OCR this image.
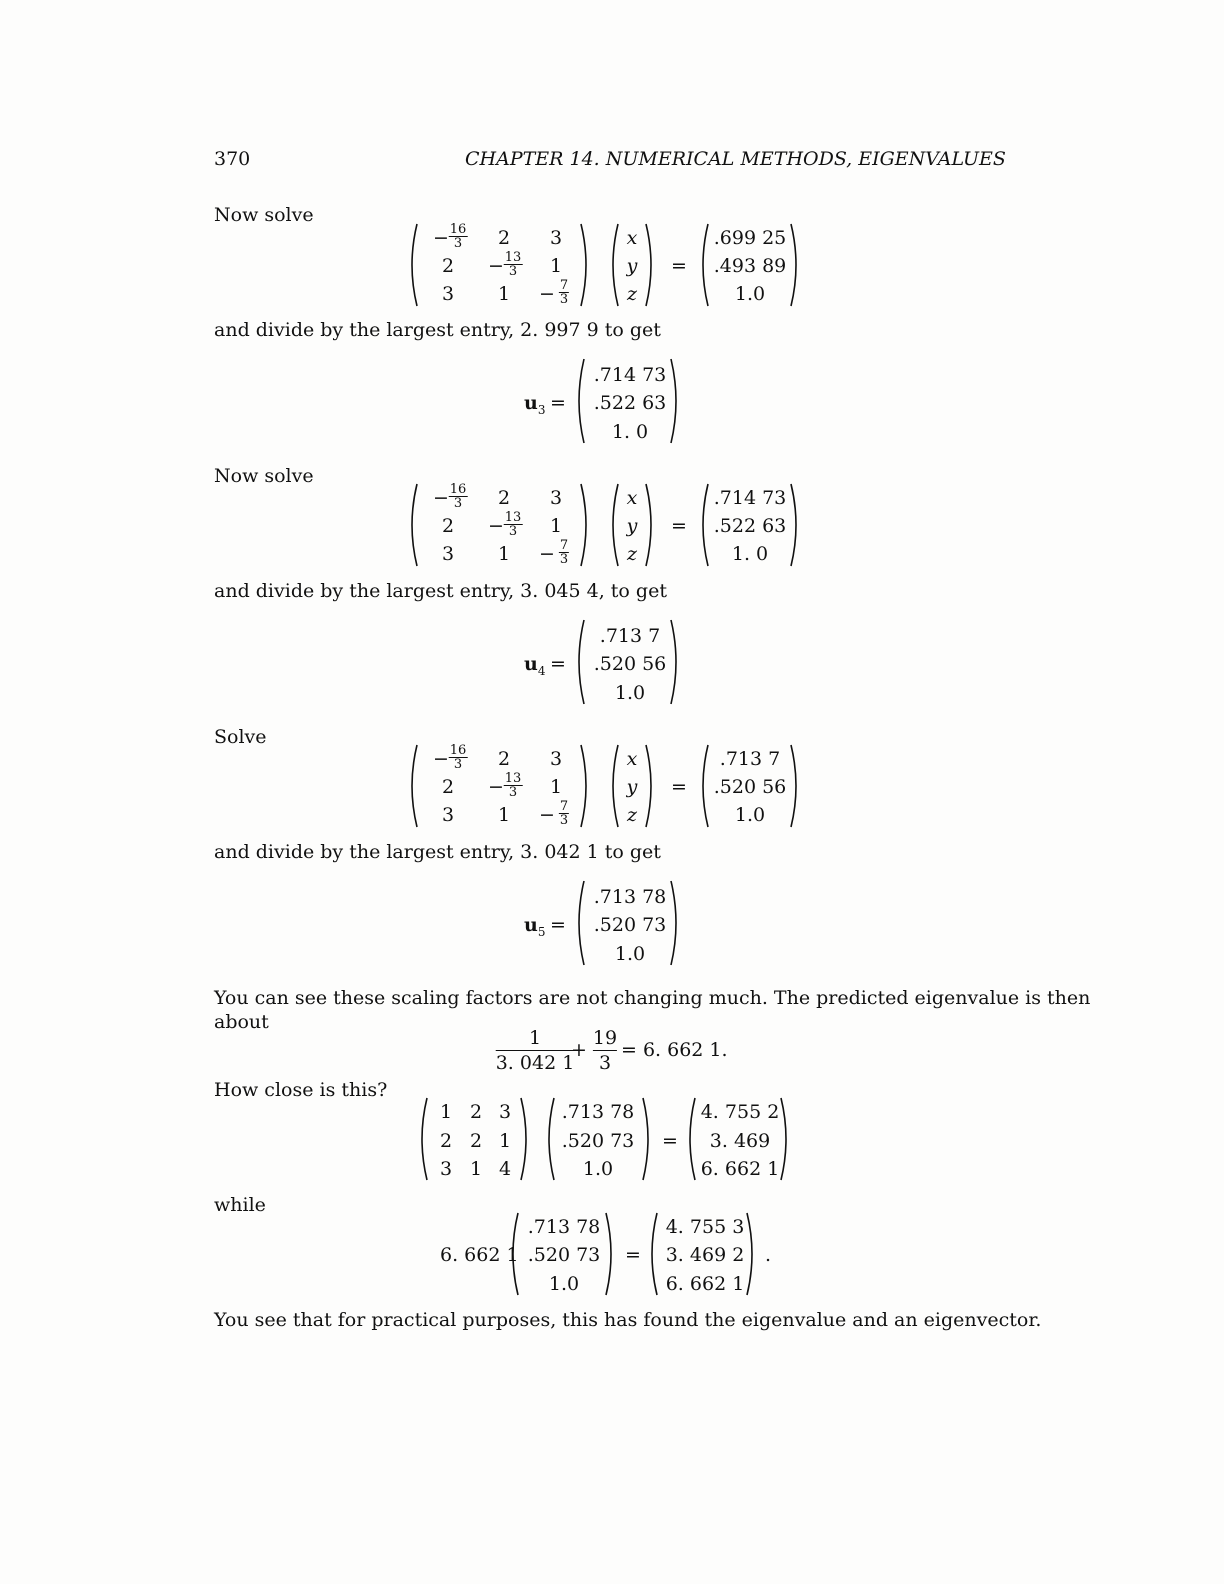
370	CHAPTER 14. NUMERICAL METHODS, EIGENVALUES
Now solve
− 16
3 2 3
2 − 13
3 1
3 1 − 7
3
x
y
z
=
.699 25
.493 89
1.0
and divide by the largest entry, 2. 997 9 to get
$u_3$ =
.714 73
.522 63
1. 0
Now solve
− 16
3 2 3
2 − 13
3 1
3 1 − 7
3
x
y
z
=
.714 73
.522 63
1. 0
and divide by the largest entry, 3. 045 4, to get
$u_4$ =
.713 7
.520 56
1.0
Solve
− 16
3 2 3
2 − 13
3 1
3 1 − 7
3
x
y
z
=
.713 7
.520 56
1.0
and divide by the largest entry, 3. 042 1 to get
$u_5$ =
.713 78
.520 73
1.0
You can see these scaling factors are not changing much. The predicted eigenvalue is then
about
1
3. 042 1
+
19
3
= 6. 662 1.
How close is this?
1 2 3
2 2 1
3 1 4
.713 78
.520 73
1.0
=
4. 755 2
3. 469
6. 662 1
while
6. 662 1
.713 78
.520 73
1.0
=
4. 755 3
3. 469 2
6. 662 1
.
You see that for practical purposes, this has found the eigenvalue and an eigenvector.
